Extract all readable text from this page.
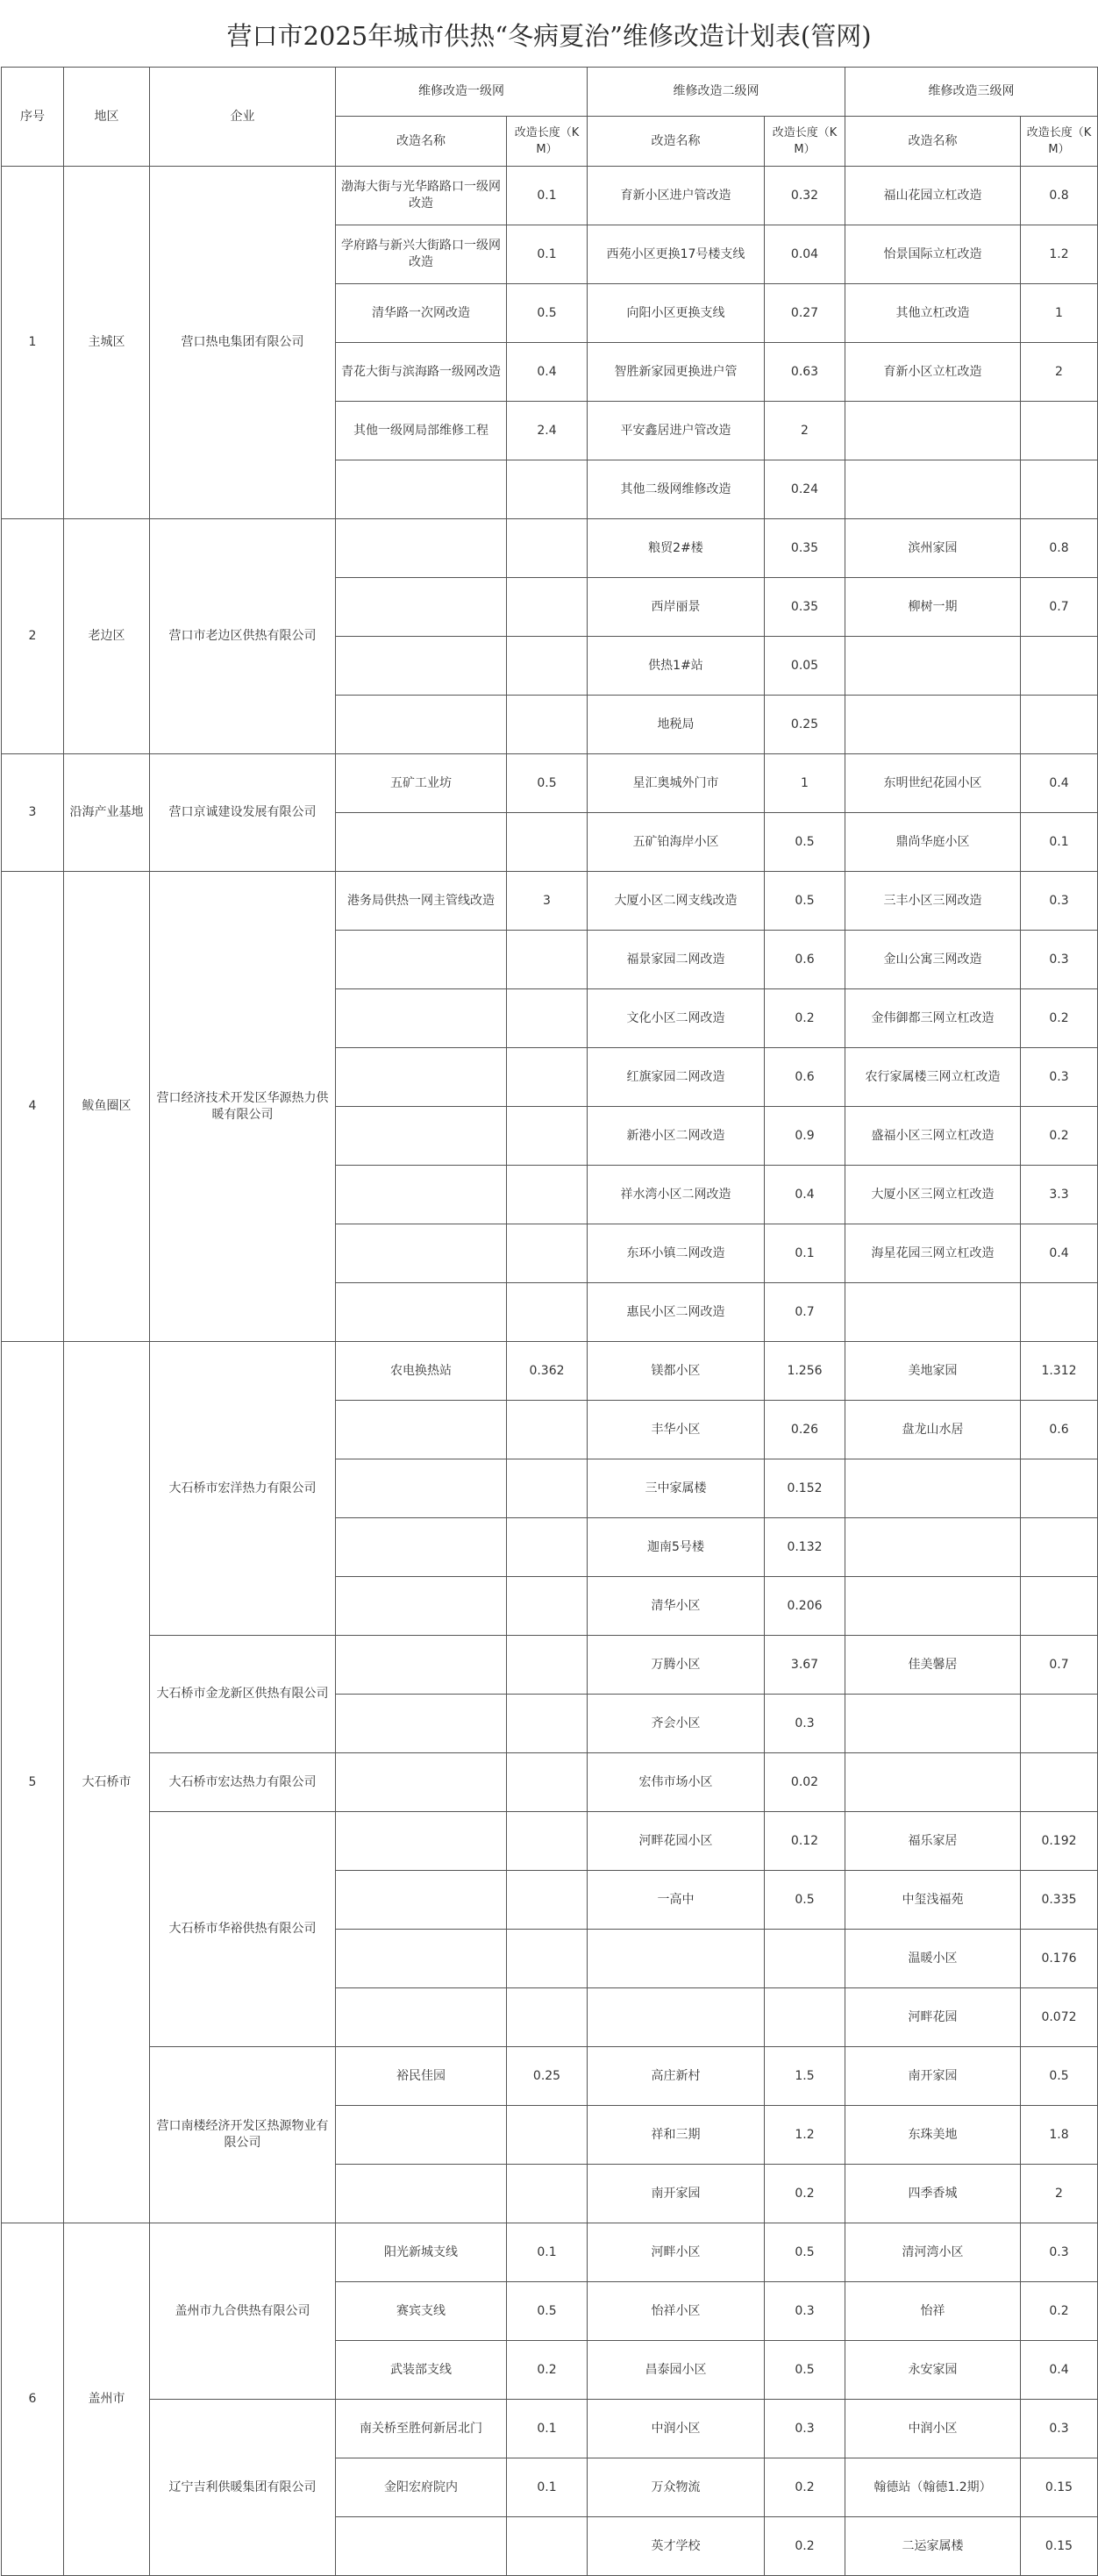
营口市2025年城市供热“冬病夏治”维修改造计划表(管网)
序号	地区	企业	维修改造一级网		维修改造二级网		维修改造三级网	
			改造名称	改造长度（KM）	改造名称	改造长度（KM）	改造名称	改造长度（KM）
1	主城区	营口热电集团有限公司	渤海大街与光华路路口一级网改造	0.1	育新小区进户管改造	0.32	福山花园立杠改造	0.8
			学府路与新兴大街路口一级网改造	0.1	西苑小区更换17号楼支线	0.04	怡景国际立杠改造	1.2
			清华路一次网改造	0.5	向阳小区更换支线	0.27	其他立杠改造	1
			青花大街与滨海路一级网改造	0.4	智胜新家园更换进户管	0.63	育新小区立杠改造	2
			其他一级网局部维修工程	2.4	平安鑫居进户管改造	2		
					其他二级网维修改造	0.24		
2	老边区	营口市老边区供热有限公司			粮贸2#楼	0.35	滨州家园	0.8
					西岸丽景	0.35	柳树一期	0.7
					供热1#站	0.05		
					地税局	0.25		
3	沿海产业基地	营口京诚建设发展有限公司	五矿工业坊	0.5	星汇奥城外门市	1	东明世纪花园小区	0.4
					五矿铂海岸小区	0.5	鼎尚华庭小区	0.1
4	鲅鱼圈区	营口经济技术开发区华源热力供暖有限公司	港务局供热一网主管线改造	3	大厦小区二网支线改造	0.5	三丰小区三网改造	0.3
					福景家园二网改造	0.6	金山公寓三网改造	0.3
					文化小区二网改造	0.2	金伟御都三网立杠改造	0.2
					红旗家园二网改造	0.6	农行家属楼三网立杠改造	0.3
					新港小区二网改造	0.9	盛福小区三网立杠改造	0.2
					祥水湾小区二网改造	0.4	大厦小区三网立杠改造	3.3
					东环小镇二网改造	0.1	海星花园三网立杠改造	0.4
					惠民小区二网改造	0.7		
5	大石桥市	大石桥市宏洋热力有限公司	农电换热站	0.362	镁都小区	1.256	美地家园	1.312
					丰华小区	0.26	盘龙山水居	0.6
					三中家属楼	0.152		
					迦南5号楼	0.132		
					清华小区	0.206		
		大石桥市金龙新区供热有限公司			万腾小区	3.67	佳美馨居	0.7
					齐会小区	0.3		
		大石桥市宏达热力有限公司			宏伟市场小区	0.02		
		大石桥市华裕供热有限公司			河畔花园小区	0.12	福乐家居	0.192
					一高中	0.5	中玺浅福苑	0.335
							温暖小区	0.176
							河畔花园	0.072
		营口南楼经济开发区热源物业有限公司	裕民佳园	0.25	高庄新村	1.5	南开家园	0.5
					祥和三期	1.2	东珠美地	1.8
					南开家园	0.2	四季香城	2
6	盖州市	盖州市九合供热有限公司	阳光新城支线	0.1	河畔小区	0.5	清河湾小区	0.3
			赛宾支线	0.5	怡祥小区	0.3	怡祥	0.2
			武装部支线	0.2	昌泰园小区	0.5	永安家园	0.4
		辽宁吉利供暖集团有限公司	南关桥至胜何新居北门	0.1	中润小区	0.3	中润小区	0.3
			金阳宏府院内	0.1	万众物流	0.2	翰德站（翰德1.2期）	0.15
					英才学校	0.2	二运家属楼	0.15
